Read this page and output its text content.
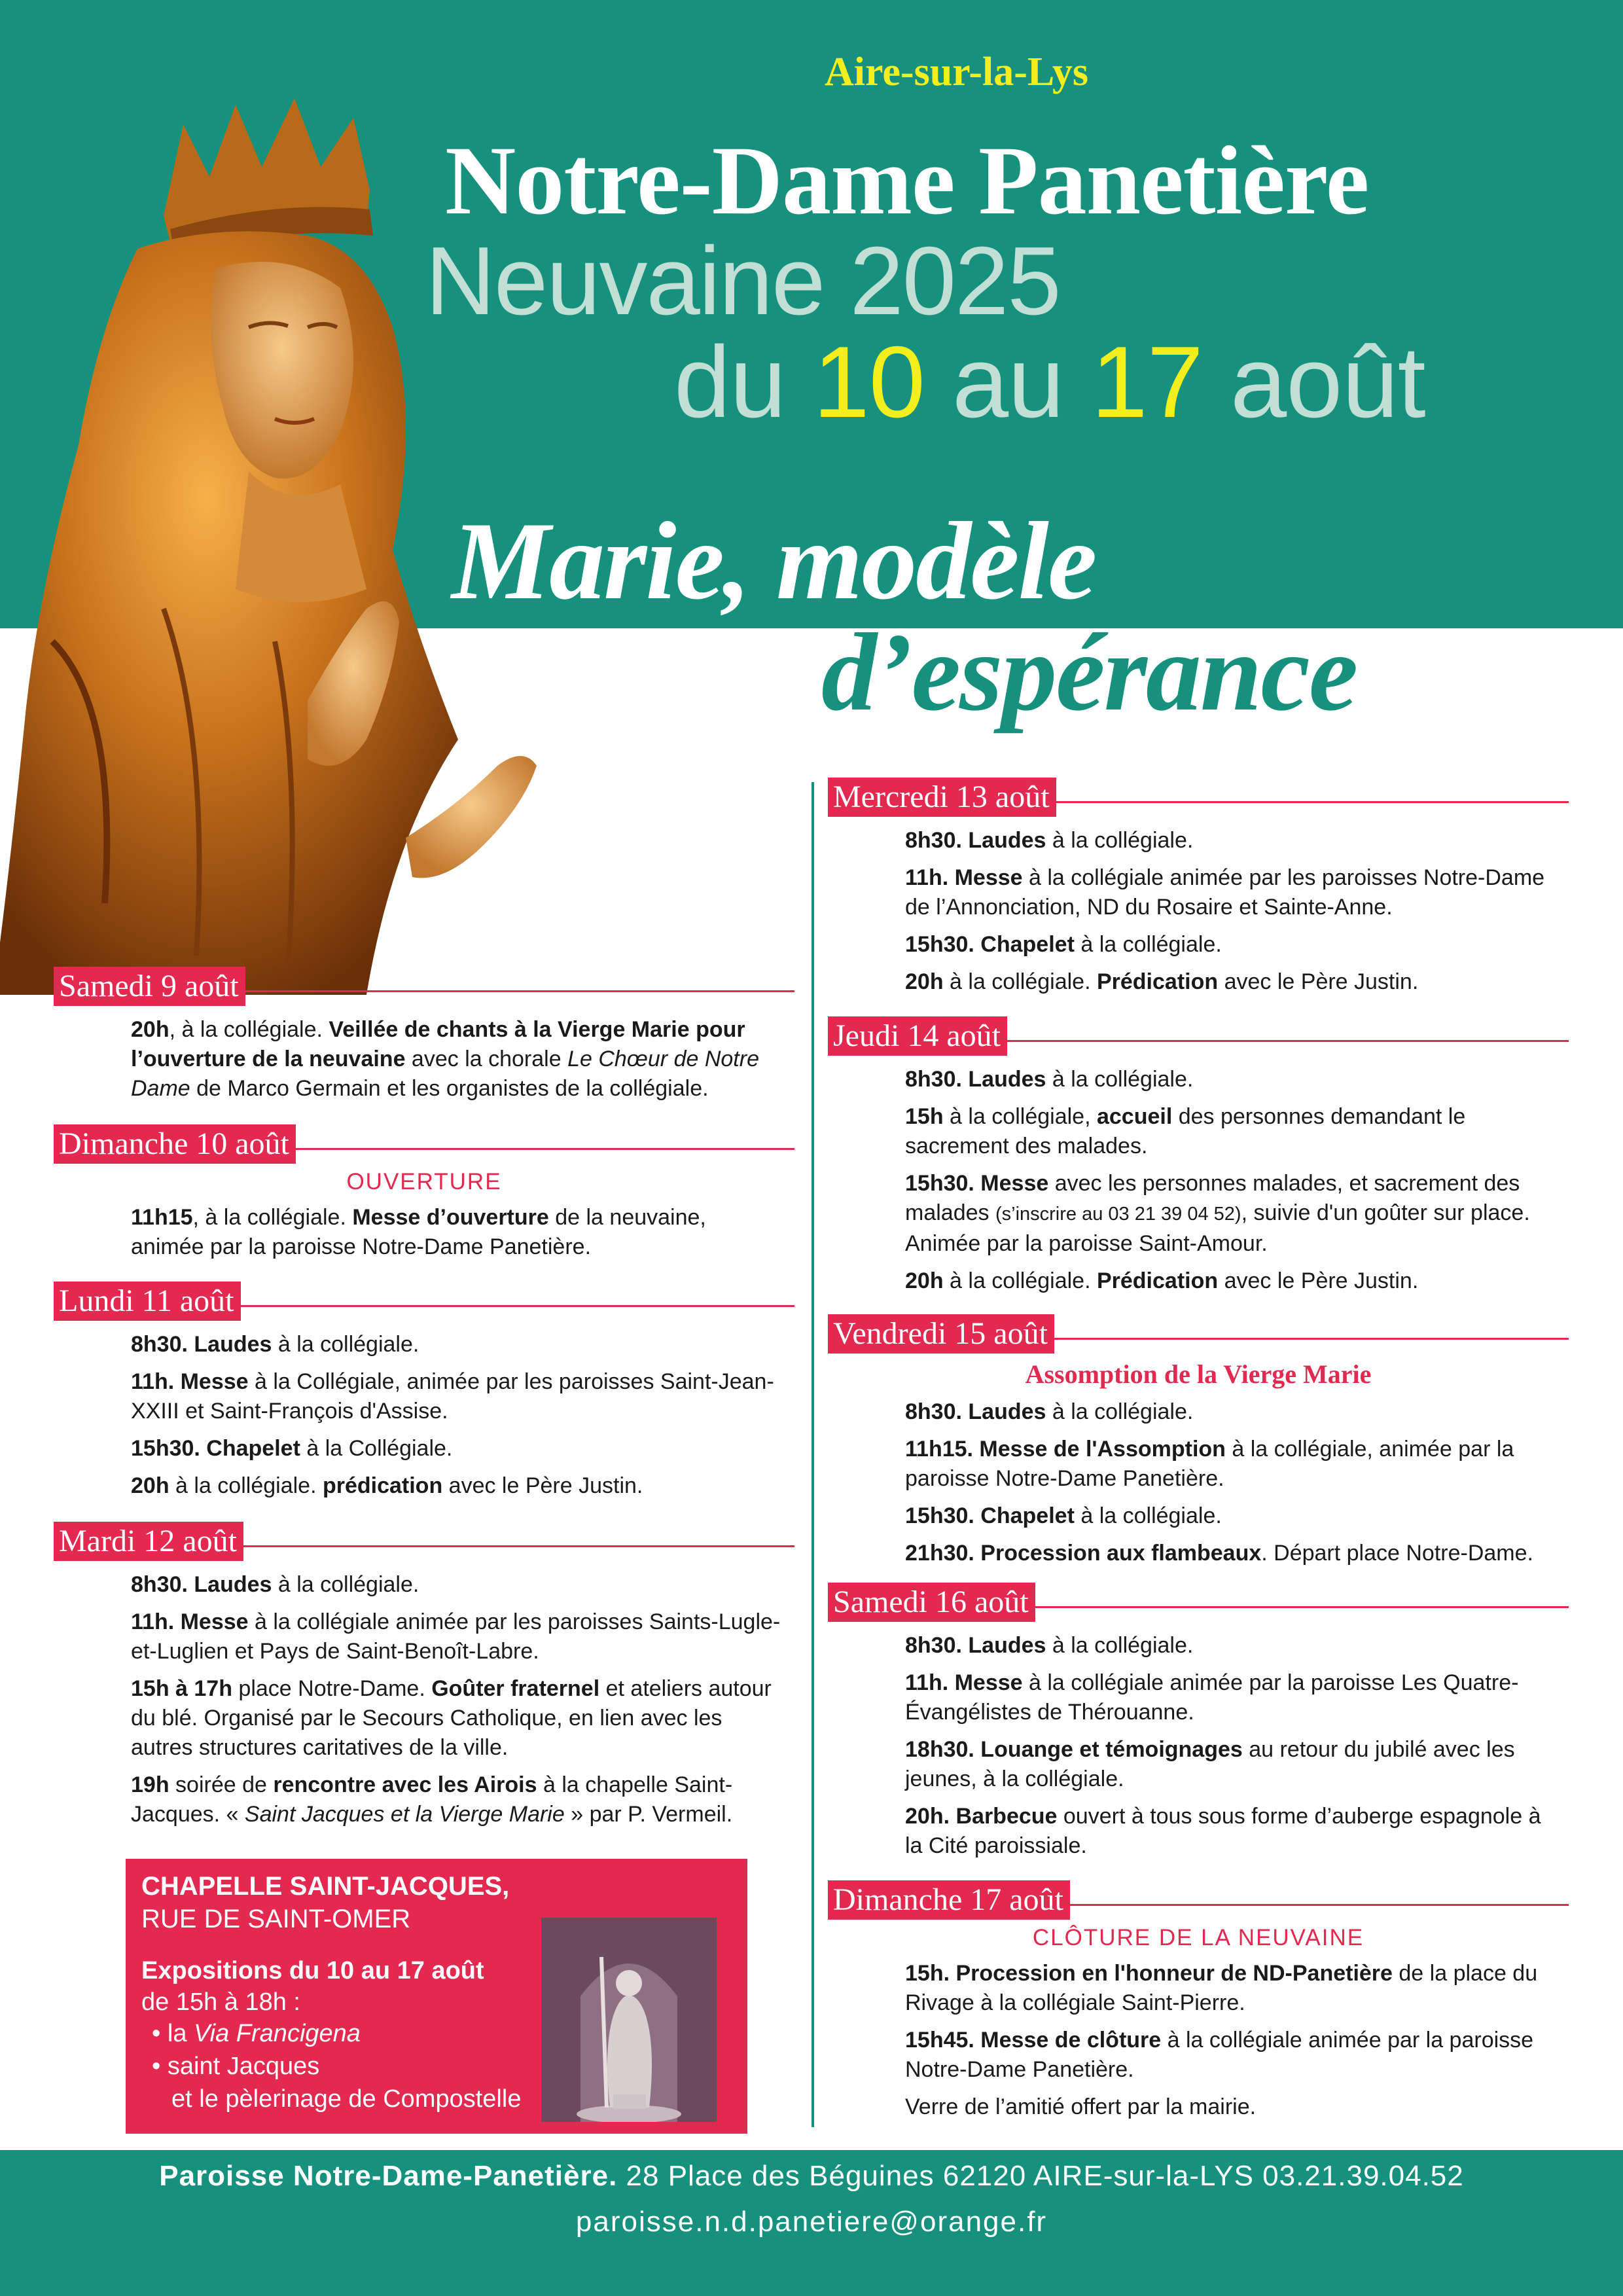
Aire-sur-la-Lys
Notre-Dame Panetière
Neuvaine 2025
du 10 au 17 août
Marie, modèle
d’espérance
Samedi 9 août
20h, à la collégiale. Veillée de chants à la Vierge Marie pour l’ouverture de la neuvaine avec la chorale Le Chœur de Notre Dame de Marco Germain et les organistes de la collégiale.
Dimanche 10 août
OUVERTURE
11h15, à la collégiale. Messe d’ouverture de la neuvaine, animée par la paroisse Notre-Dame Panetière.
Lundi 11 août
8h30. Laudes à la collégiale.
11h. Messe à la Collégiale, animée par les paroisses Saint-Jean-XXIII et Saint-François d'Assise.
15h30. Chapelet à la Collégiale.
20h à la collégiale. prédication avec le Père Justin.
Mardi 12 août
8h30. Laudes à la collégiale.
11h. Messe à la collégiale animée par les paroisses Saints-Lugle-et-Luglien et Pays de Saint-Benoît-Labre.
15h à 17h place Notre-Dame. Goûter fraternel et ateliers autour du blé. Organisé par le Secours Catholique, en lien avec les autres structures caritatives de la ville.
19h soirée de rencontre avec les Airois à la chapelle Saint-Jacques. « Saint Jacques et la Vierge Marie » par P. Vermeil.
CHAPELLE SAINT-JACQUES,
RUE DE SAINT-OMER
Expositions du 10 au 17 août
de 15h à 18h :
• la Via Francigena
• saint Jacques
et le pèlerinage de Compostelle
Mercredi 13 août
8h30. Laudes à la collégiale.
11h. Messe à la collégiale animée par les paroisses Notre-Dame de l’Annonciation, ND du Rosaire et Sainte-Anne.
15h30. Chapelet à la collégiale.
20h à la collégiale. Prédication avec le Père Justin.
Jeudi 14 août
8h30. Laudes à la collégiale.
15h à la collégiale, accueil des personnes demandant le sacrement des malades.
15h30. Messe avec les personnes malades, et sacrement des malades (s’inscrire au 03 21 39 04 52), suivie d'un goûter sur place. Animée par la paroisse Saint-Amour.
20h à la collégiale. Prédication avec le Père Justin.
Vendredi 15 août
Assomption de la Vierge Marie
8h30. Laudes à la collégiale.
11h15. Messe de l'Assomption à la collégiale, animée par la paroisse Notre-Dame Panetière.
15h30. Chapelet à la collégiale.
21h30. Procession aux flambeaux. Départ place Notre-Dame.
Samedi 16 août
8h30. Laudes à la collégiale.
11h. Messe à la collégiale animée par la paroisse Les Quatre-Évangélistes de Thérouanne.
18h30. Louange et témoignages au retour du jubilé avec les jeunes, à la collégiale.
20h. Barbecue ouvert à tous sous forme d’auberge espagnole à la Cité paroissiale.
Dimanche 17 août
CLÔTURE DE LA NEUVAINE
15h. Procession en l'honneur de ND-Panetière de la place du Rivage à la collégiale Saint-Pierre.
15h45. Messe de clôture à la collégiale animée par la paroisse Notre-Dame Panetière.
Verre de l’amitié offert par la mairie.
Paroisse Notre-Dame-Panetière. 28 Place des Béguines 62120 AIRE-sur-la-LYS 03.21.39.04.52
paroisse.n.d.panetiere@orange.fr
